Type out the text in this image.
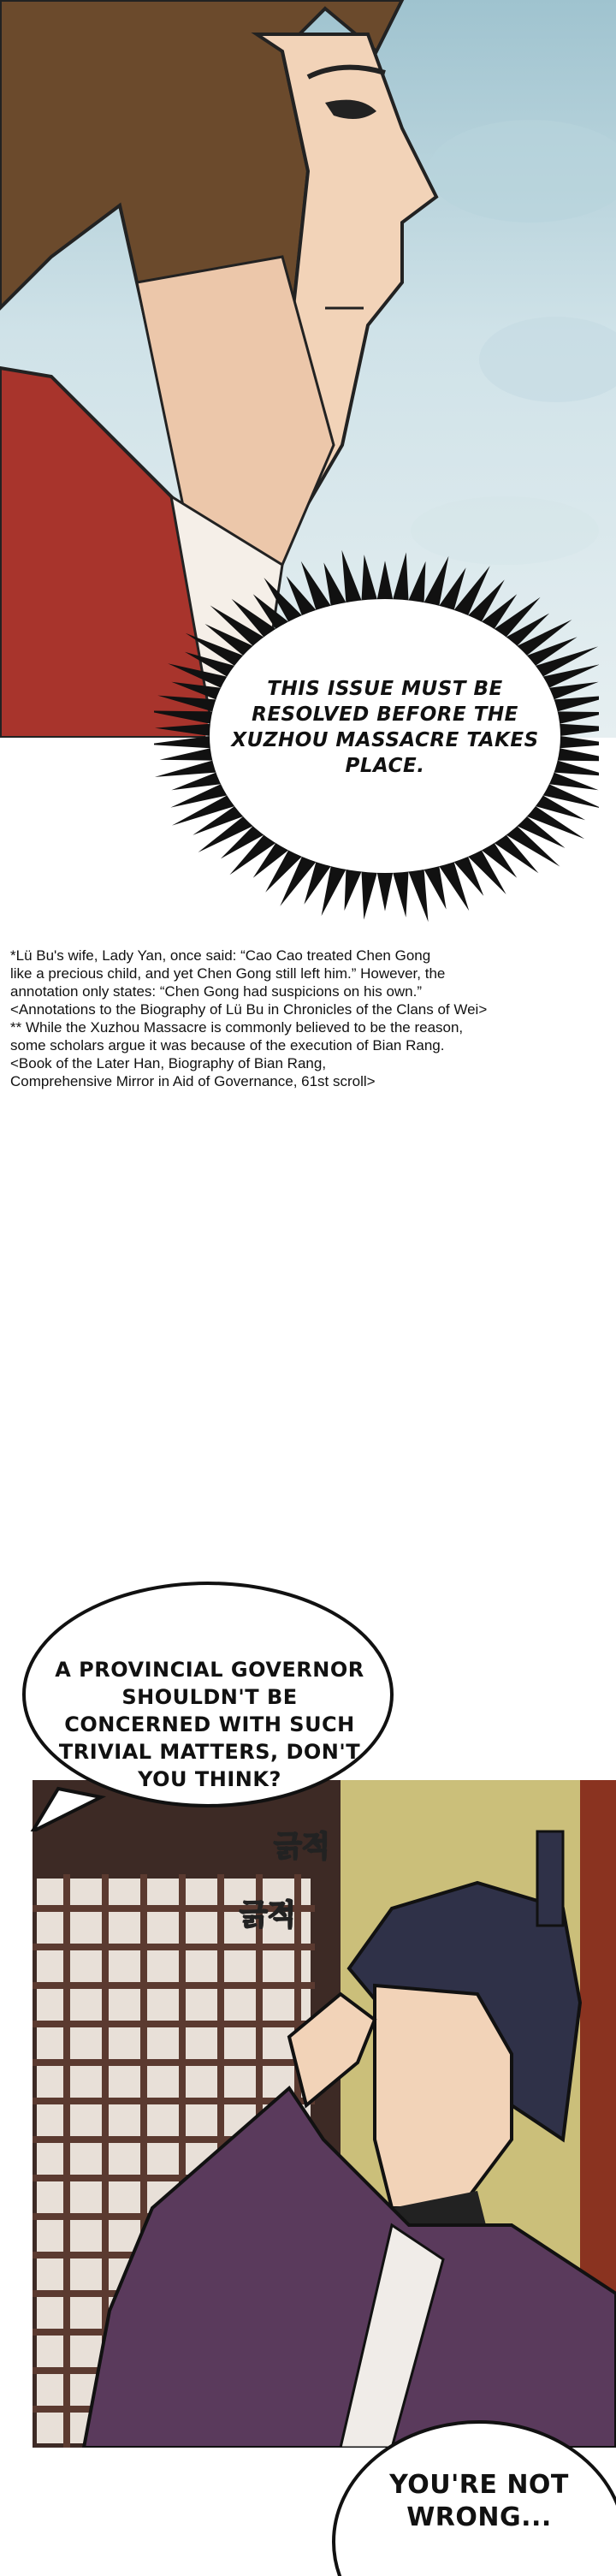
THIS ISSUE MUST BE RESOLVED BEFORE THE XUZHOU MASSACRE TAKES PLACE.

*Lü Bu's wife, Lady Yan, once said: “Cao Cao treated Chen Gong

like a precious child, and yet Chen Gong still left him.” However, the

annotation only states: “Chen Gong had suspicions on his own.”

<Annotations to the Biography of Lü Bu in Chronicles of the Clans of Wei>

** While the Xuzhou Massacre is commonly believed to be the reason,

some scholars argue it was because of the execution of Bian Rang.

<Book of the Later Han, Biography of Bian Rang,

Comprehensive Mirror in Aid of Governance, 61st scroll>

A PROVINCIAL GOVERNOR SHOULDN'T BE CONCERNED WITH SUCH TRIVIAL MATTERS, DON'T YOU THINK?
긁적
긁적
YOU'RE NOT WRONG...
